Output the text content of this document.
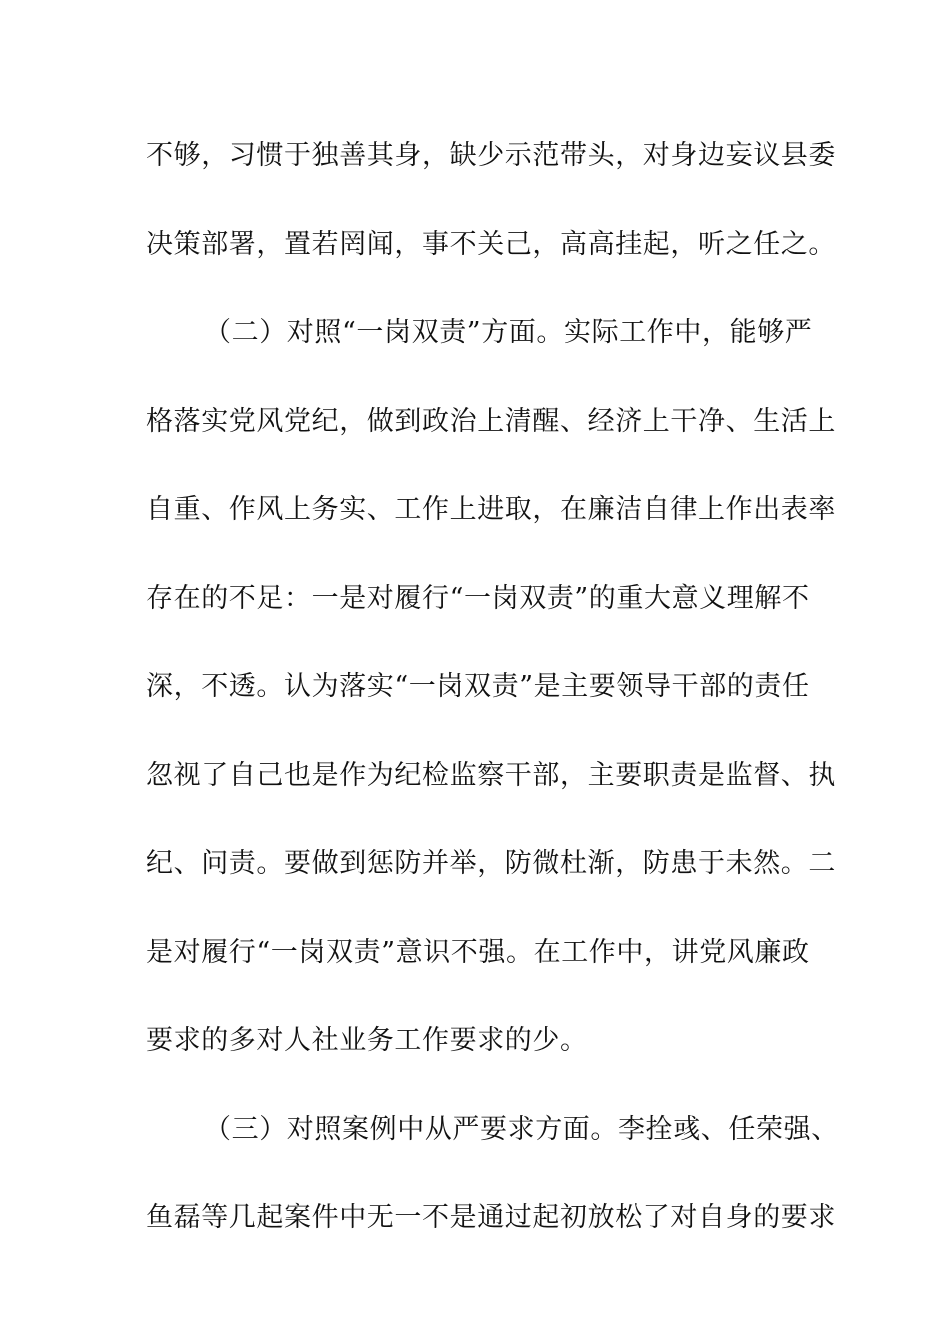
不够，习惯于独善其身，缺少示范带头，对身边妄议县委
决策部署，置若罔闻，事不关己，高高挂起，听之任之。
（二）对照“一岗双责”方面。实际工作中，能够严
格落实党风党纪，做到政治上清醒、经济上干净、生活上
自重、作风上务实、工作上进取，在廉洁自律上作出表率
存在的不足：一是对履行“一岗双责”的重大意义理解不
深，不透。认为落实“一岗双责”是主要领导干部的责任
忽视了自己也是作为纪检监察干部，主要职责是监督、执
纪、问责。要做到惩防并举，防微杜渐，防患于未然。二
是对履行“一岗双责”意识不强。在工作中，讲党风廉政
要求的多对人社业务工作要求的少。
（三）对照案例中从严要求方面。李拴彧、任荣强、
鱼磊等几起案件中无一不是通过起初放松了对自身的要求
